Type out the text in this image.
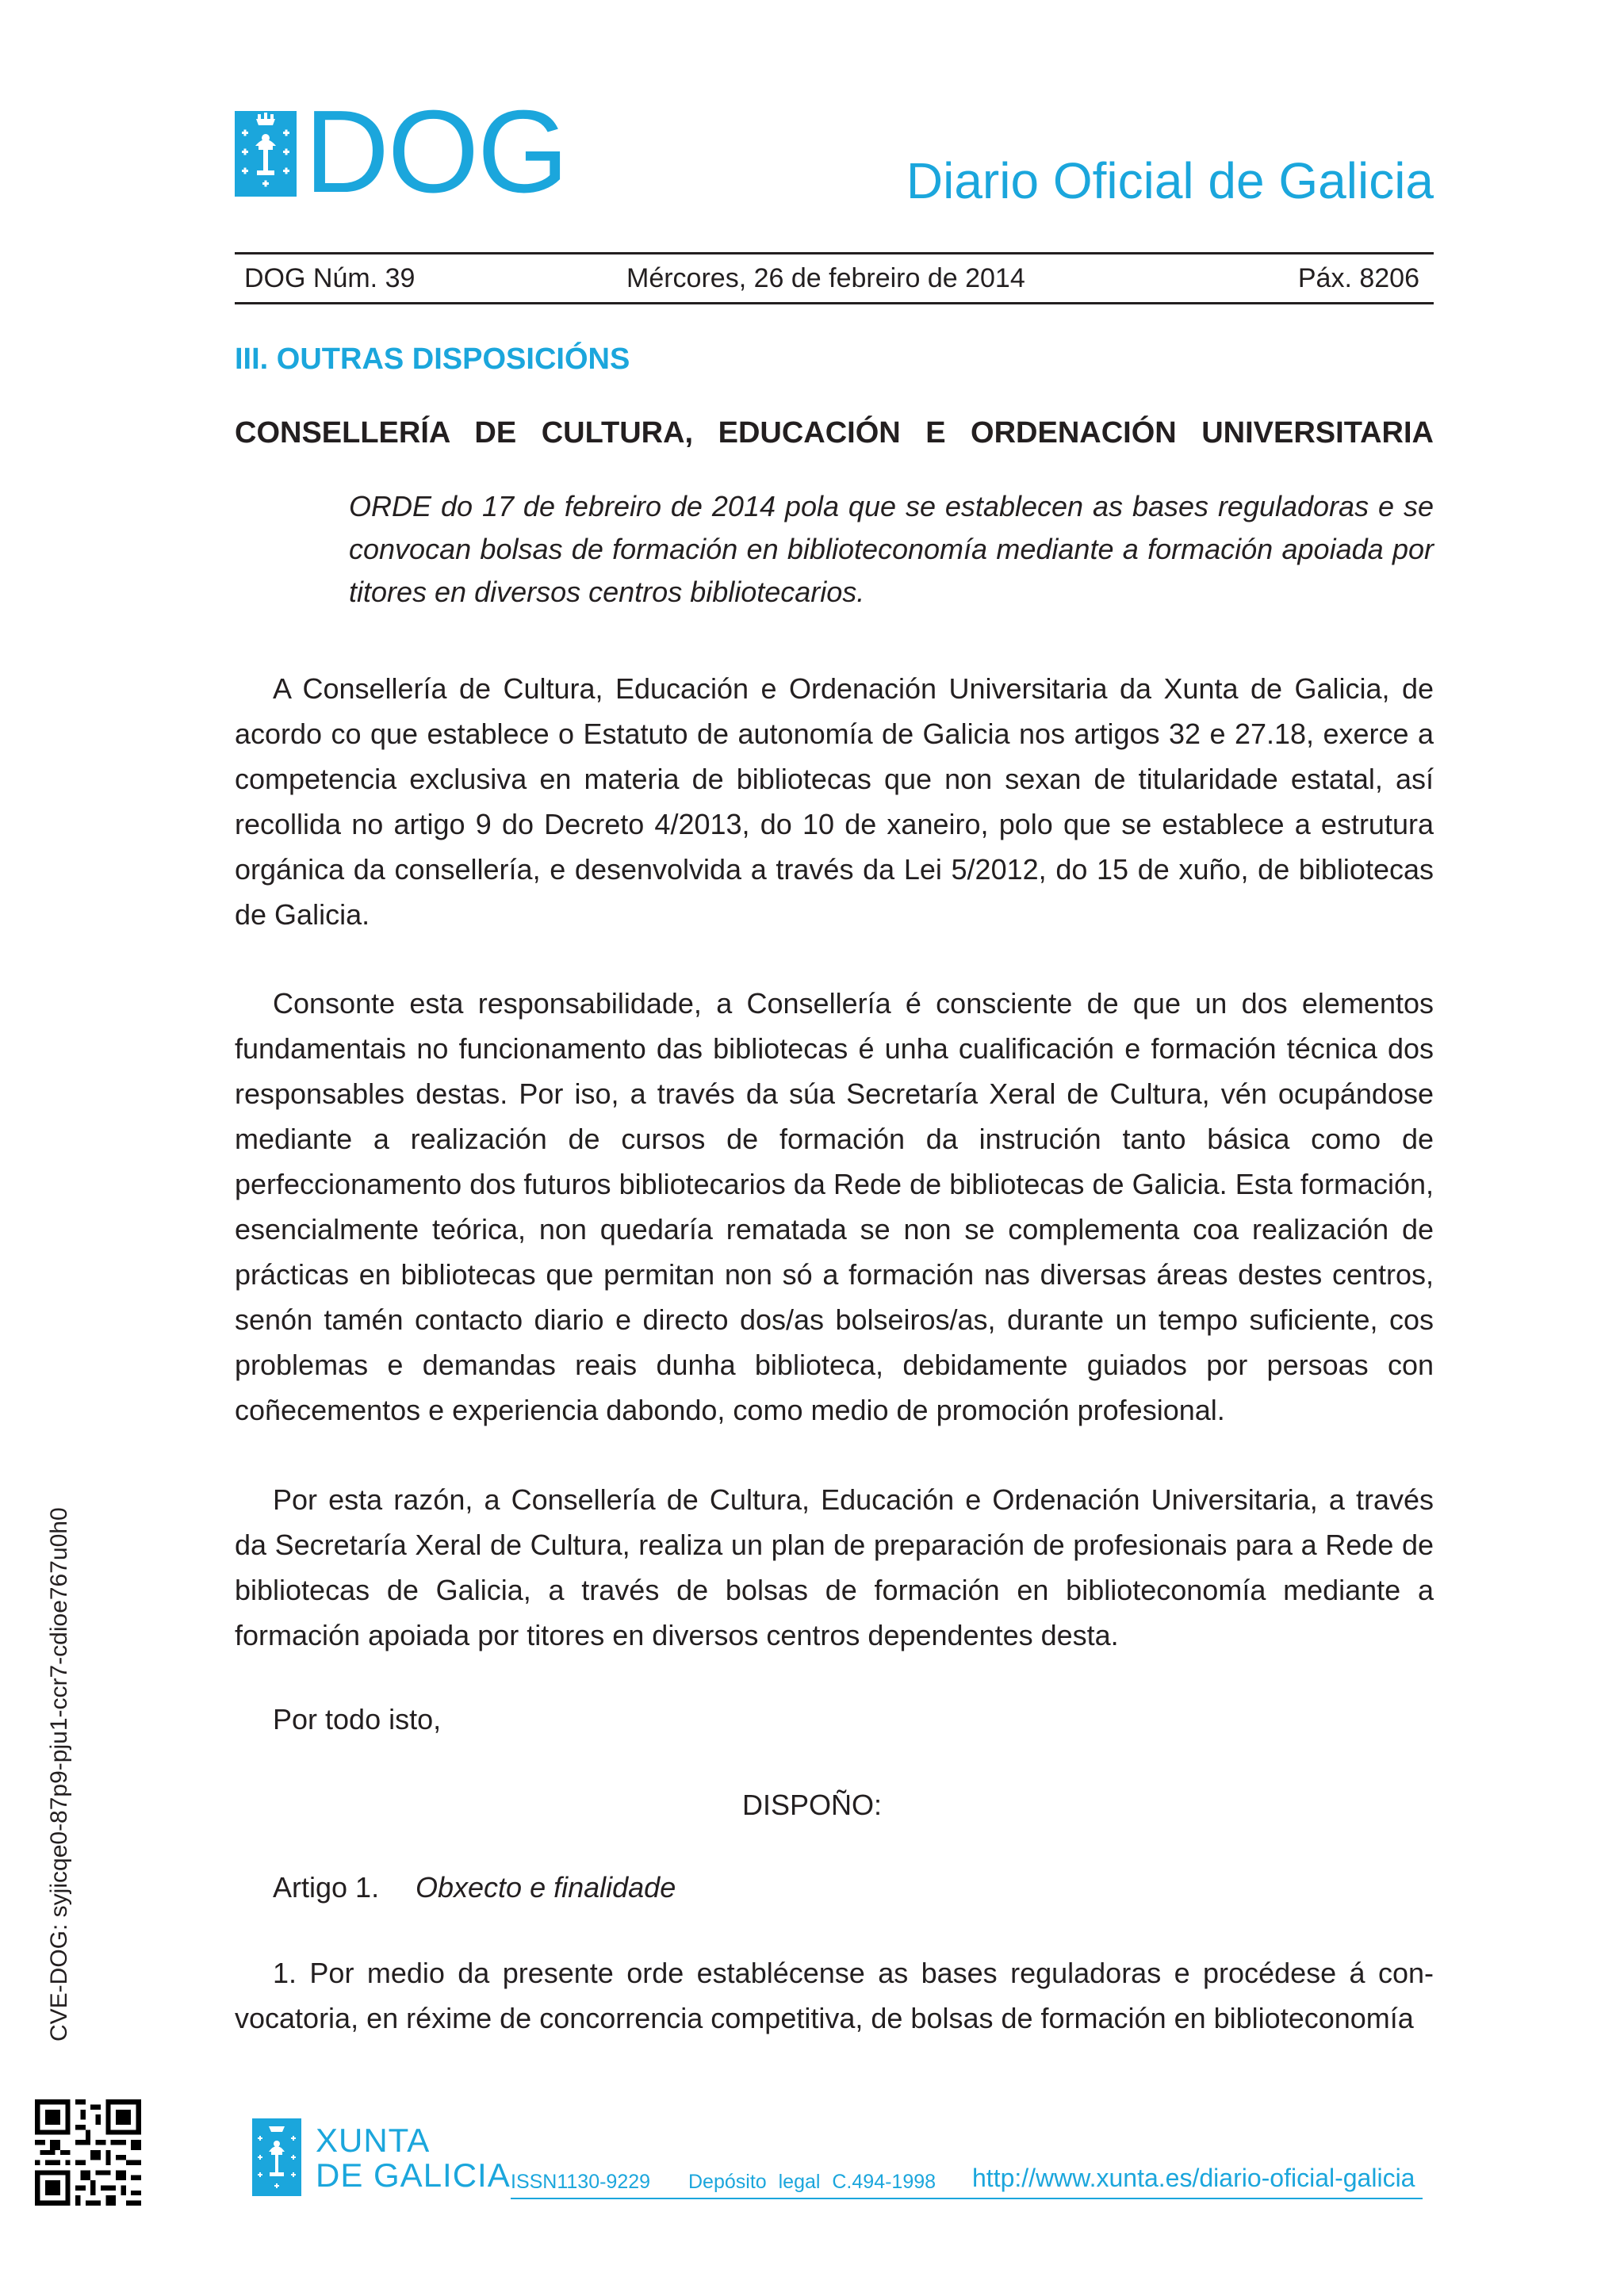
DOG	Diario Oficial de Galicia
DOG Núm. 39	Mércores, 26 de febreiro de 2014	Páx. 8206
III. OUTRAS DISPOSICIÓNS
CONSELLERÍA DE CULTURA, EDUCACIÓN E ORDENACIÓN UNIVERSITARIA
ORDE do 17 de febreiro de 2014 pola que se establecen as bases reguladoras e se convocan bolsas de formación en biblioteconomía mediante a formación apoiada por titores en diversos centros bibliotecarios.

A Consellería de Cultura, Educación e Ordenación Universitaria da Xunta de Galicia, de acordo co que establece o Estatuto de autonomía de Galicia nos artigos 32 e 27.18, exerce a competencia exclusiva en materia de bibliotecas que non sexan de titularidade estatal, así recollida no artigo 9 do Decreto 4/2013, do 10 de xaneiro, polo que se establece a estrutura orgánica da consellería, e desenvolvida a través da Lei 5/2012, do 15 de xuño, de bibliotecas de Galicia.

Consonte esta responsabilidade, a Consellería é consciente de que un dos elementos fundamentais no funcionamento das bibliotecas é unha cualificación e formación técnica dos responsables destas. Por iso, a través da súa Secretaría Xeral de Cultura, vén ocupándose mediante a realización de cursos de formación da instrución tanto básica como de perfeccionamento dos futuros bibliotecarios da Rede de bibliotecas de Galicia. Esta formación, esencialmente teórica, non quedaría rematada se non se complementa coa realización de prácticas en bibliotecas que permitan non só a formación nas diversas áreas destes centros, senón tamén contacto diario e directo dos/as bolseiros/as, durante un tempo suficiente, cos problemas e demandas reais dunha biblioteca, debidamente guiados por persoas con coñecementos e experiencia dabondo, como medio de promoción profesional.

Por esta razón, a Consellería de Cultura, Educación e Ordenación Universitaria, a través da Secretaría Xeral de Cultura, realiza un plan de preparación de profesionais para a Rede de bibliotecas de Galicia, a través de bolsas de formación en biblioteconomía mediante a formación apoiada por titores en diversos centros dependentes desta.

Por todo isto,
DISPOÑO:
Artigo 1. Obxecto e finalidade

1. Por medio da presente orde establécense as bases reguladoras e procédese á convocatoria, en réxime de concorrencia competitiva, de bolsas de formación en biblioteconomía

CVE-DOG: syjicqe0-87p9-pju1-ccr7-cdioe767u0h0
XUNTA
DE GALICIA ISSN1130-9229 Depósito legal C.494-1998 http://www.xunta.es/diario-oficial-galicia
